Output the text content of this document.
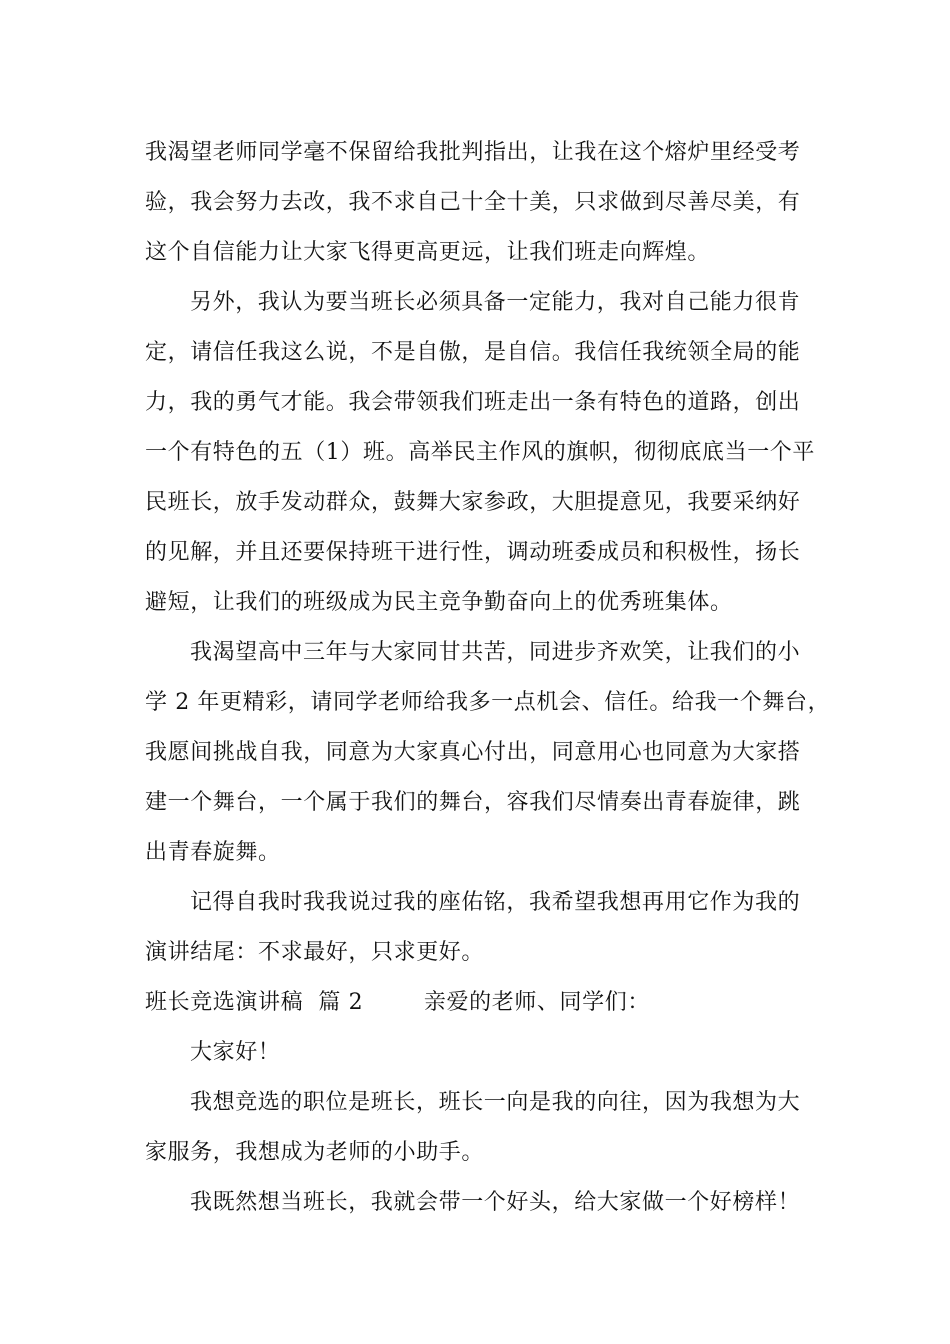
我渴望老师同学毫不保留给我批判指出，让我在这个熔炉里经受考
验，我会努力去改，我不求自己十全十美，只求做到尽善尽美，有
这个自信能力让大家飞得更高更远，让我们班走向辉煌。
另外，我认为要当班长必须具备一定能力，我对自己能力很肯
定，请信任我这么说，不是自傲，是自信。我信任我统领全局的能
力，我的勇气才能。我会带领我们班走出一条有特色的道路，创出
一个有特色的五（1）班。高举民主作风的旗帜，彻彻底底当一个平
民班长，放手发动群众，鼓舞大家参政，大胆提意见，我要采纳好
的见解，并且还要保持班干进行性，调动班委成员和积极性，扬长
避短，让我们的班级成为民主竞争勤奋向上的优秀班集体。
我渴望高中三年与大家同甘共苦，同进步齐欢笑，让我们的小
学 2 年更精彩，请同学老师给我多一点机会、信任。给我一个舞台，
我愿间挑战自我，同意为大家真心付出，同意用心也同意为大家搭
建一个舞台，一个属于我们的舞台，容我们尽情奏出青春旋律，跳
出青春旋舞。
记得自我时我我说过我的座佑铭，我希望我想再用它作为我的
演讲结尾：不求最好，只求更好。
班长竞选演讲稿  篇 2        亲爱的老师、同学们：
大家好！
我想竞选的职位是班长，班长一向是我的向往，因为我想为大
家服务，我想成为老师的小助手。
我既然想当班长，我就会带一个好头，给大家做一个好榜样！
